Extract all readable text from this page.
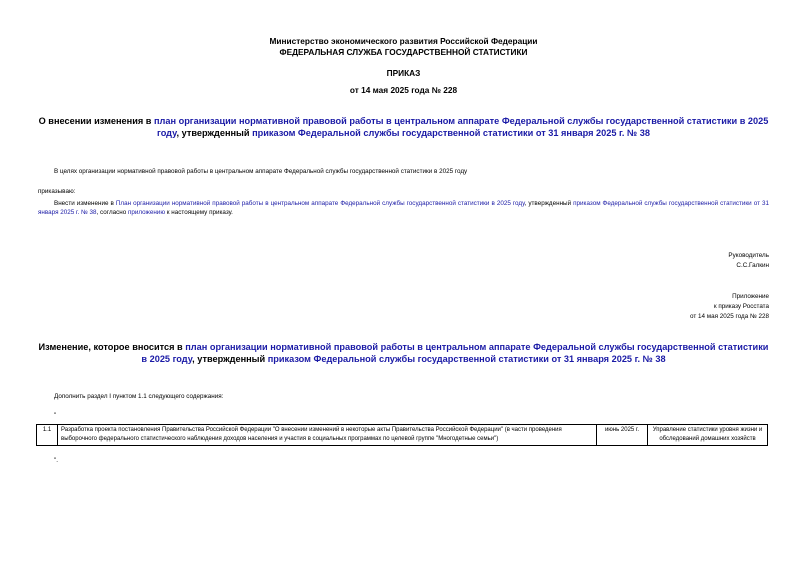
Министерство экономического развития Российской Федерации
ФЕДЕРАЛЬНАЯ СЛУЖБА ГОСУДАРСТВЕННОЙ СТАТИСТИКИ
ПРИКАЗ
от 14 мая 2025 года № 228
О внесении изменения в план организации нормативной правовой работы в центральном аппарате Федеральной службы государственной статистики в 2025 году, утвержденный приказом Федеральной службы государственной статистики от 31 января 2025 г. № 38
В целях организации нормативной правовой работы в центральном аппарате Федеральной службы государственной статистики в 2025 году
приказываю:
Внести изменение в План организации нормативной правовой работы в центральном аппарате Федеральной службы государственной статистики в 2025 году, утвержденный приказом Федеральной службы государственной статистики от 31 января 2025 г. № 38, согласно приложению к настоящему приказу.
Руководитель
С.С.Галкин
Приложение
к приказу Росстата
от 14 мая 2025 года № 228
Изменение, которое вносится в план организации нормативной правовой работы в центральном аппарате Федеральной службы государственной статистики в 2025 году, утвержденный приказом Федеральной службы государственной статистики от 31 января 2025 г. № 38
Дополнить раздел I пунктом 1.1 следующего содержания:
"
1.1	Разработка проекта постановления Правительства Российской Федерации "О внесении изменений в некоторые акты Правительства Российской Федерации" (в части проведения выборочного федерального статистического наблюдения доходов населения и участия в социальных программах по целевой группе "Многодетные семьи")	июнь 2025 г.	Управление статистики уровня жизни и обследований домашних хозяйств
".
